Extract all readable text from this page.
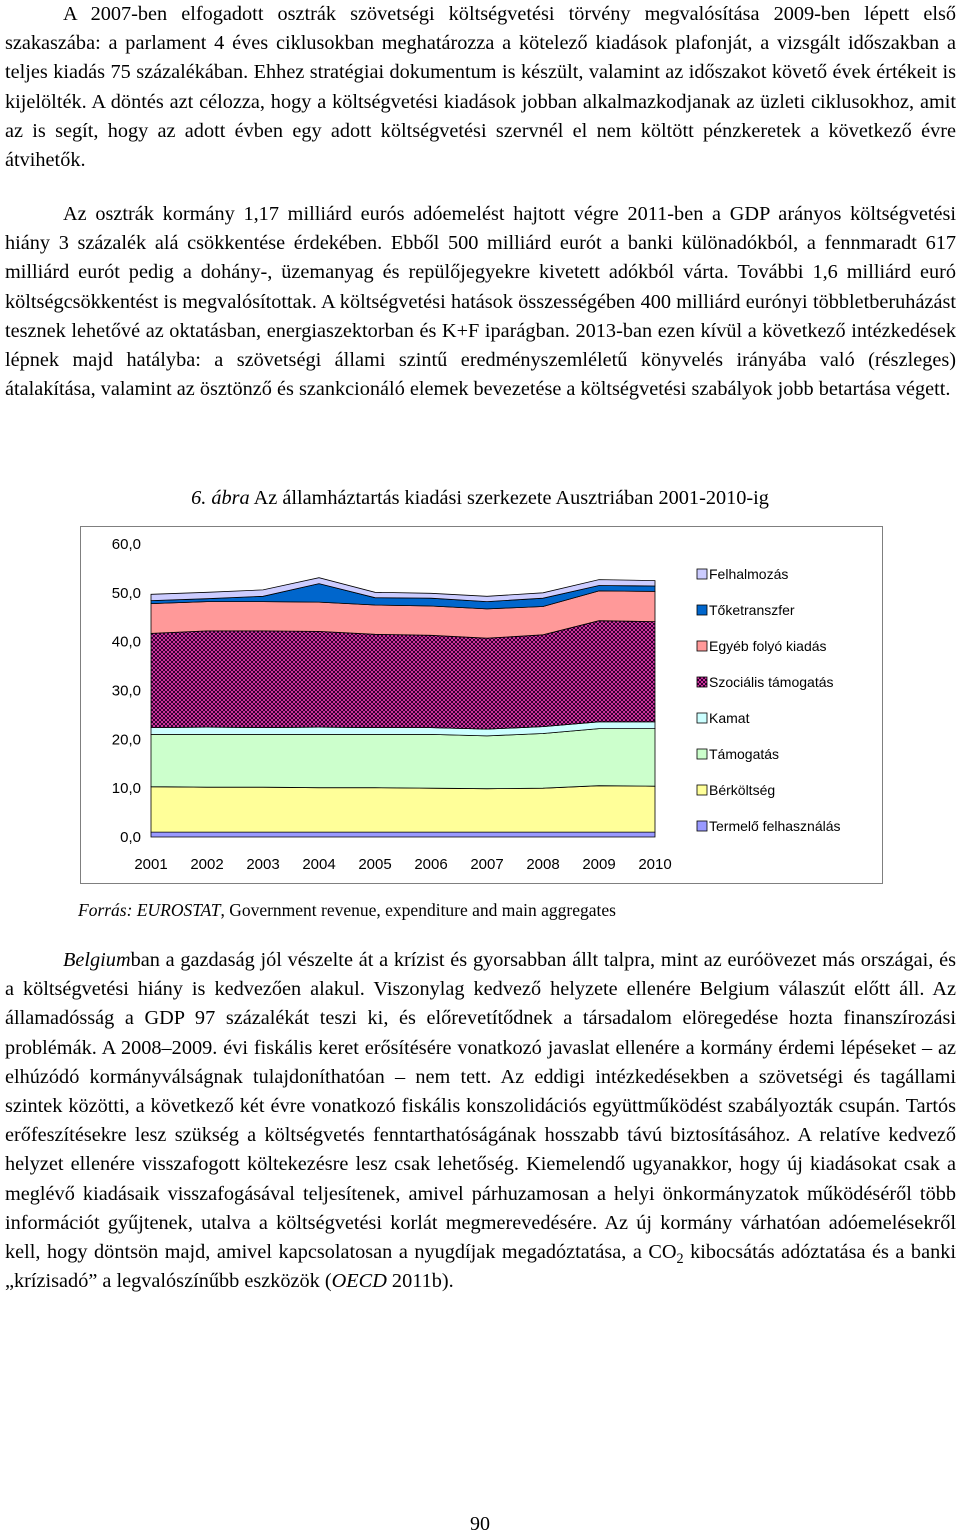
A 2007-ben elfogadott osztrák szövetségi költségvetési törvény megvalósítása 2009-ben lépett első szakaszába: a parlament 4 éves ciklusokban meghatározza a kötelező kiadások plafonját, a vizsgált időszakban a teljes kiadás 75 százalékában. Ehhez stratégiai dokumentum is készült, valamint az időszakot követő évek értékeit is kijelölték. A döntés azt célozza, hogy a költségvetési kiadások jobban alkalmazkodjanak az üzleti ciklusokhoz, amit az is segít, hogy az adott évben egy adott költségvetési szervnél el nem költött pénzkeretek a következő évre átvihetők.

Az osztrák kormány 1,17 milliárd eurós adóemelést hajtott végre 2011-ben a GDP arányos költségvetési hiány 3 százalék alá csökkentése érdekében. Ebből 500 milliárd eurót a banki különadókból, a fennmaradt 617 milliárd eurót pedig a dohány-, üzemanyag és repülőjegyekre kivetett adókból várta. További 1,6 milliárd euró költségcsökkentést is megvalósítottak. A költségvetési hatások összességében 400 milliárd eurónyi többletberuházást tesznek lehetővé az oktatásban, energiaszektorban és K+F iparágban. 2013-ban ezen kívül a következő intézkedések lépnek majd hatályba: a szövetségi állami szintű eredményszemléletű könyvelés irányába való (részleges) átalakítása, valamint az ösztönző és szankcionáló elemek bevezetése a költségvetési szabályok jobb betartása végett.

6. ábra Az államháztartás kiadási szerkezete Ausztriában 2001-2010-ig
0,0
10,0
20,0
30,0
40,0
50,0
60,0
2001 2002 2003 2004 2005 2006 2007 2008 2009 2010
Felhalmozás
Tőketranszfer
Egyéb folyó kiadás
Szociális támogatás
Kamat
Támogatás
Bérköltség
Termelő felhasználás
Forrás: EUROSTAT, Government revenue, expenditure and main aggregates

Belgiumban a gazdaság jól vészelte át a krízist és gyorsabban állt talpra, mint az euróövezet más országai, és a költségvetési hiány is kedvezően alakul. Viszonylag kedvező helyzete ellenére Belgium válaszút előtt áll. Az államadósság a GDP 97 százalékát teszi ki, és előrevetítődnek a társadalom elöregedése hozta finanszírozási problémák. A 2008–2009. évi fiskális keret erősítésére vonatkozó javaslat ellenére a kormány érdemi lépéseket – az elhúzódó kormányválságnak tulajdoníthatóan – nem tett. Az eddigi intézkedésekben a szövetségi és tagállami szintek közötti, a következő két évre vonatkozó fiskális konszolidációs együttműködést szabályozták csupán. Tartós erőfeszítésekre lesz szükség a költségvetés fenntarthatóságának hosszabb távú biztosításához. A relatíve kedvező helyzet ellenére visszafogott költekezésre lesz csak lehetőség. Kiemelendő ugyanakkor, hogy új kiadásokat csak a meglévő kiadásaik visszafogásával teljesítenek, amivel párhuzamosan a helyi önkormányzatok működéséről több információt gyűjtenek, utalva a költségvetési korlát megmerevedésére. Az új kormány várhatóan adóemelésekről kell, hogy döntsön majd, amivel kapcsolatosan a nyugdíjak megadóztatása, a $CO_2$ kibocsátás adóztatása és a banki „krízisadó” a legvalószínűbb eszközök (OECD 2011b).

90
